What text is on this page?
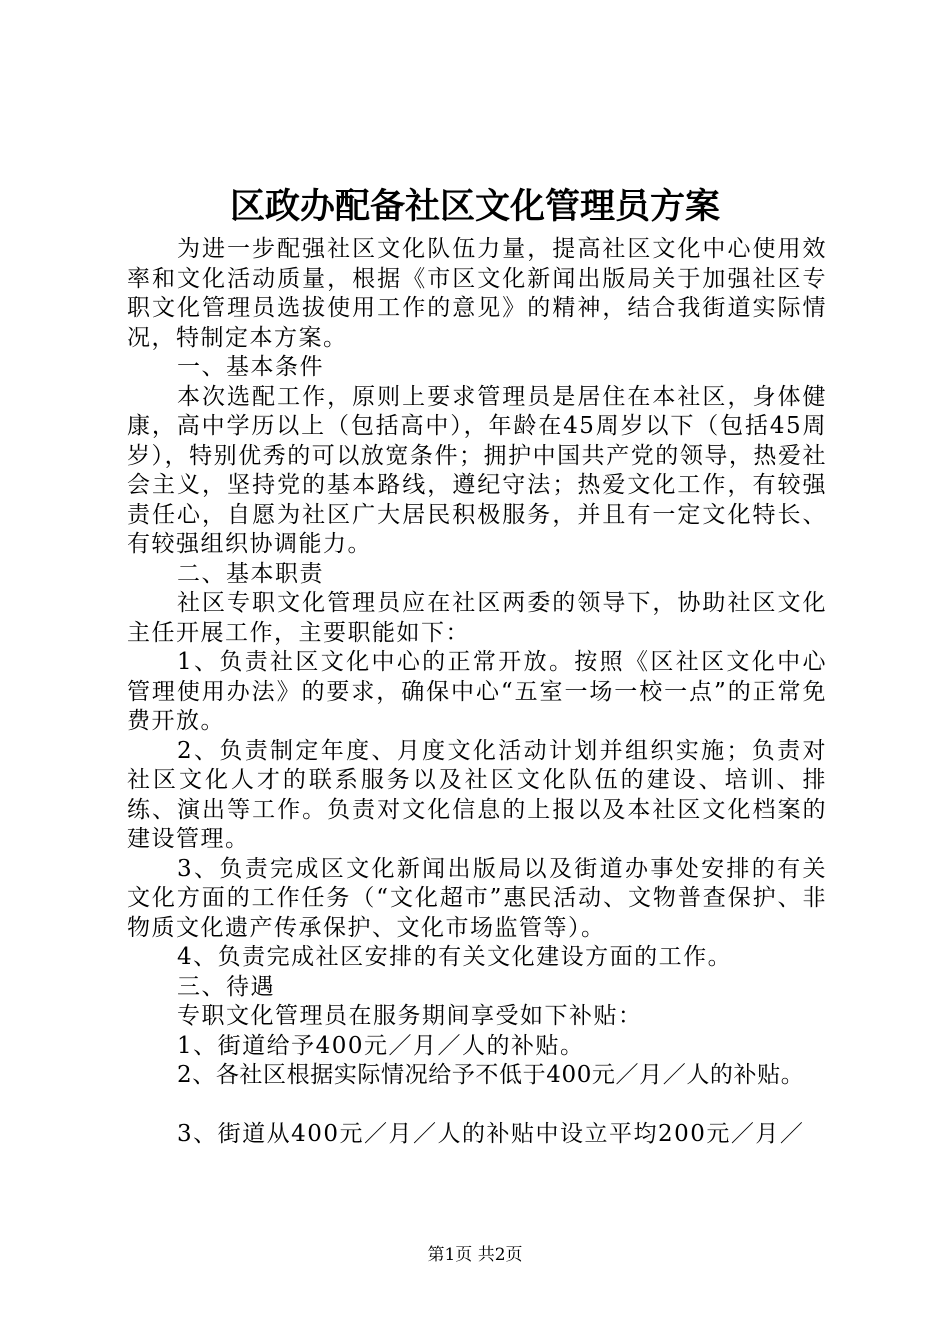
区政办配备社区文化管理员方案

为进一步配强社区文化队伍力量，提高社区文化中心使用效率和文化活动质量，根据《市区文化新闻出版局关于加强社区专职文化管理员选拔使用工作的意见》的精神，结合我街道实际情况，特制定本方案。

一、基本条件

本次选配工作，原则上要求管理员是居住在本社区，身体健康，高中学历以上（包括高中），年龄在45周岁以下（包括45周岁），特别优秀的可以放宽条件；拥护中国共产党的领导，热爱社会主义，坚持党的基本路线，遵纪守法；热爱文化工作，有较强责任心，自愿为社区广大居民积极服务，并且有一定文化特长、有较强组织协调能力。

二、基本职责

社区专职文化管理员应在社区两委的领导下，协助社区文化主任开展工作，主要职能如下：

1、负责社区文化中心的正常开放。按照《区社区文化中心管理使用办法》的要求，确保中心“五室一场一校一点”的正常免费开放。

2、负责制定年度、月度文化活动计划并组织实施；负责对社区文化人才的联系服务以及社区文化队伍的建设、培训、排练、演出等工作。负责对文化信息的上报以及本社区文化档案的建设管理。

3、负责完成区文化新闻出版局以及街道办事处安排的有关文化方面的工作任务（“文化超市”惠民活动、文物普查保护、非物质文化遗产传承保护、文化市场监管等）。

4、负责完成社区安排的有关文化建设方面的工作。

三、待遇

专职文化管理员在服务期间享受如下补贴：

1、街道给予400元／月／人的补贴。

2、各社区根据实际情况给予不低于400元／月／人的补贴。

3、街道从400元／月／人的补贴中设立平均200元／月／

第1页 共2页
